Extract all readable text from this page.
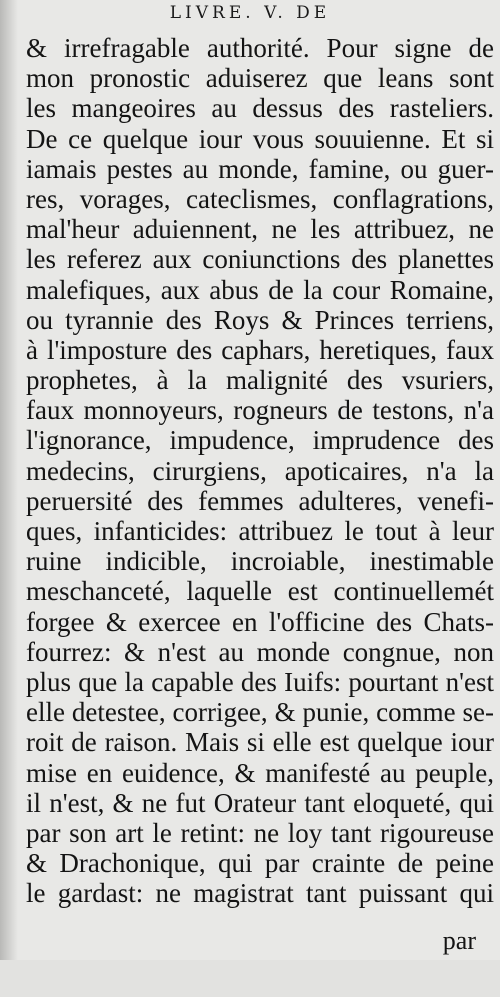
LIVRE. V. DE
& irrefragable authorité. Pour signe de
mon pronostic aduiserez que leans sont
les mangeoires au dessus des rasteliers.
De ce quelque iour vous souuienne. Et si
iamais pestes au monde, famine, ou guer-
res, vorages, cateclismes, conflagrations,
mal'heur aduiennent, ne les attribuez, ne
les referez aux coniunctions des planettes
malefiques, aux abus de la cour Romaine,
ou tyrannie des Roys & Princes terriens,
à l'imposture des caphars, heretiques, faux
prophetes, à la malignité des vsuriers,
faux monnoyeurs, rogneurs de testons, n'a
l'ignorance, impudence, imprudence des
medecins, cirurgiens, apoticaires, n'a la
peruersité des femmes adulteres, venefi-
ques, infanticides: attribuez le tout à leur
ruine indicible, incroiable, inestimable
meschanceté, laquelle est continuellemét
forgee & exercee en l'officine des Chats-
fourrez: & n'est au monde congnue, non
plus que la capable des Iuifs: pourtant n'est
elle detestee, corrigee, & punie, comme se-
roit de raison. Mais si elle est quelque iour
mise en euidence, & manifesté au peuple,
il n'est, & ne fut Orateur tant eloqueté, qui
par son art le retint: ne loy tant rigoureuse
& Drachonique, qui par crainte de peine
le gardast: ne magistrat tant puissant qui
par
